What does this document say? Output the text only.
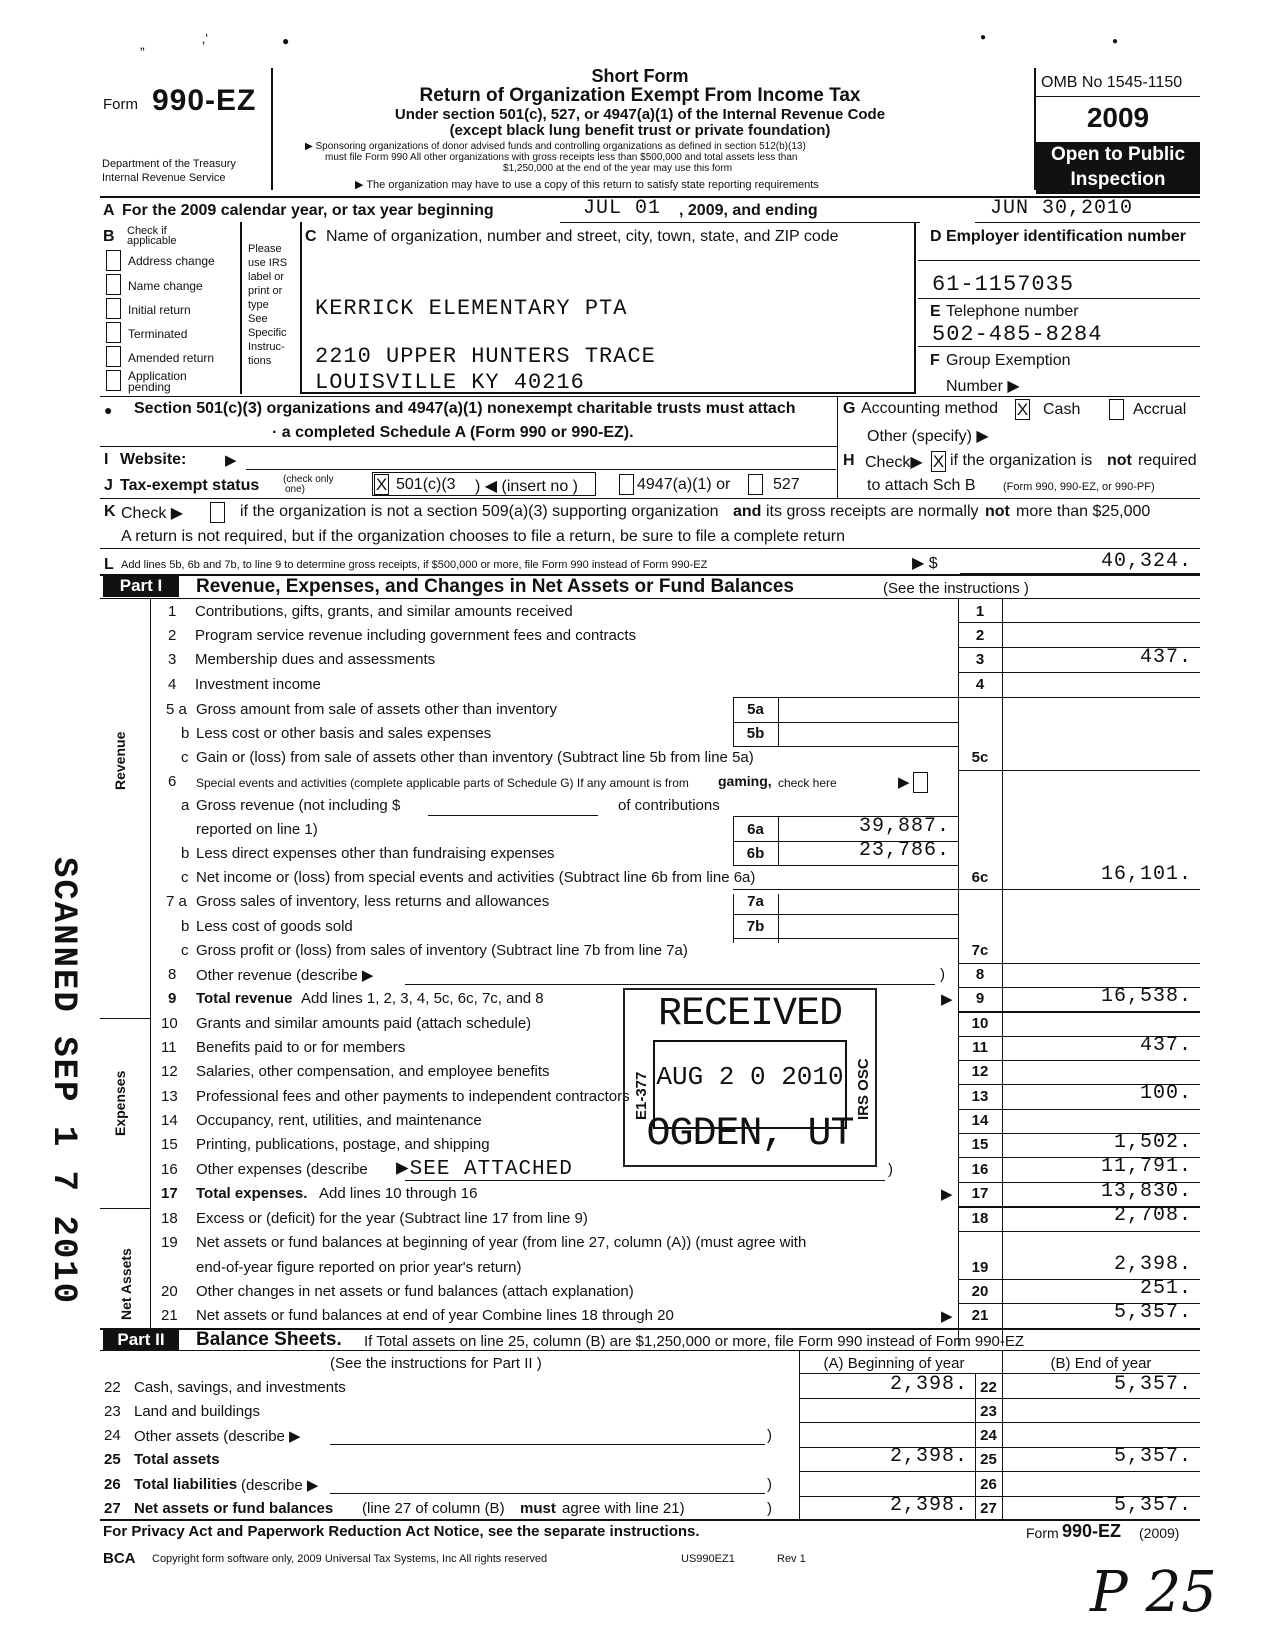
Form 990-EZ
Department of the Treasury
Internal Revenue Service
Short Form
Return of Organization Exempt From Income Tax
Under section 501(c), 527, or 4947(a)(1) of the Internal Revenue Code
(except black lung benefit trust or private foundation)
▶ Sponsoring organizations of donor advised funds and controlling organizations as defined in section 512(b)(13)
must file Form 990 All other organizations with gross receipts less than $500,000 and total assets less than
$1,250,000 at the end of the year may use this form
▶ The organization may have to use a copy of this return to satisfy state reporting requirements
OMB No 1545-1150
2009
Open to Public
Inspection
„	‚‘	●	●	●
A For the 2009 calendar year, or tax year beginning	JUL 01 , 2009, and ending	JUN 30,2010
B Check if
applicable
Address change
Name change
Initial return
Terminated
Amended return
Application
pending
Please
use IRS
label or
print or
type
See
Specific
Instruc-
tions
C Name of organization, number and street, city, town, state, and ZIP code
KERRICK ELEMENTARY PTA
2210 UPPER HUNTERS TRACE
LOUISVILLE KY 40216
D Employer identification number
61-1157035
E Telephone number
502-485-8284
F Group Exemption
Number ▶
● Section 501(c)(3) organizations and 4947(a)(1) nonexempt charitable trusts must attach
· a completed Schedule A (Form 990 or 990-EZ).
G Accounting method X Cash	Accrual
Other (specify) ▶
I Website:	▶	H Check▶ X if the organization is not required
to attach Sch B (Form 990, 990-EZ, or 990-PF)
J Tax-exempt status (check only
one)	X 501(c)(3 ) ◀ (insert no )	4947(a)(1) or	527
K Check ▶	if the organization is not a section 509(a)(3) supporting organization and its gross receipts are normally not more than $25,000
A return is not required, but if the organization chooses to file a return, be sure to file a complete return
L Add lines 5b, 6b and 7b, to line 9 to determine gross receipts, if $500,000 or more, file Form 990 instead of Form 990-EZ	▶ $	40,324.
Part I	Revenue, Expenses, and Changes in Net Assets or Fund Balances	(See the instructions )
Revenue
Expenses
Net Assets
1 Contributions, gifts, grants, and similar amounts received	1
2 Program service revenue including government fees and contracts	2
3 Membership dues and assessments	3	437.
4 Investment income	4
5 a Gross amount from sale of assets other than inventory	5a
b Less cost or other basis and sales expenses	5b
c Gain or (loss) from sale of assets other than inventory (Subtract line 5b from line 5a)	5c
6 Special events and activities (complete applicable parts of Schedule G) If any amount is from gaming, check here	▶
a Gross revenue (not including $	of contributions
reported on line 1)	6a	39,887.
b Less direct expenses other than fundraising expenses	6b	23,786.
c Net income or (loss) from special events and activities (Subtract line 6b from line 6a)	6c	16,101.
7 a Gross sales of inventory, less returns and allowances	7a
b Less cost of goods sold	7b
c Gross profit or (loss) from sales of inventory (Subtract line 7b from line 7a)	7c
8 Other revenue (describe ▶	)	8
9 Total revenue Add lines 1, 2, 3, 4, 5c, 6c, 7c, and 8	▶	9	16,538.
10 Grants and similar amounts paid (attach schedule)	10
11 Benefits paid to or for members	11	437.
12 Salaries, other compensation, and employee benefits	12
13 Professional fees and other payments to independent contractors	13	100.
14 Occupancy, rent, utilities, and maintenance	14
15 Printing, publications, postage, and shipping	15	1,502.
16 Other expenses (describe ▶SEE ATTACHED	)	16	11,791.
17 Total expenses. Add lines 10 through 16	▶	17	13,830.
18 Excess or (deficit) for the year (Subtract line 17 from line 9)	18	2,708.
19 Net assets or fund balances at beginning of year (from line 27, column (A)) (must agree with
end-of-year figure reported on prior year's return)	19	2,398.
20 Other changes in net assets or fund balances (attach explanation)	20	251.
21 Net assets or fund balances at end of year Combine lines 18 through 20	▶	21	5,357.
Part II	Balance Sheets. If Total assets on line 25, column (B) are $1,250,000 or more, file Form 990 instead of Form 990-EZ
(See the instructions for Part II )	(A) Beginning of year	(B) End of year
22 Cash, savings, and investments	2,398. 22	5,357.
23 Land and buildings	23
24 Other assets (describe ▶	)	24
25 Total assets	2,398. 25	5,357.
26 Total liabilities (describe ▶	)	26
27 Net assets or fund balances (line 27 of column (B) must agree with line 21)	)	2,398. 27	5,357.
For Privacy Act and Paperwork Reduction Act Notice, see the separate instructions.	Form 990-EZ (2009)
BCA Copyright form software only, 2009 Universal Tax Systems, Inc All rights reserved	US990EZ1	Rev 1
RECEIVED
AUG 2 0 2010
OGDEN, UT
E1-377	IRS OSC
SCANNED SEP 1 7 2010
P 25
